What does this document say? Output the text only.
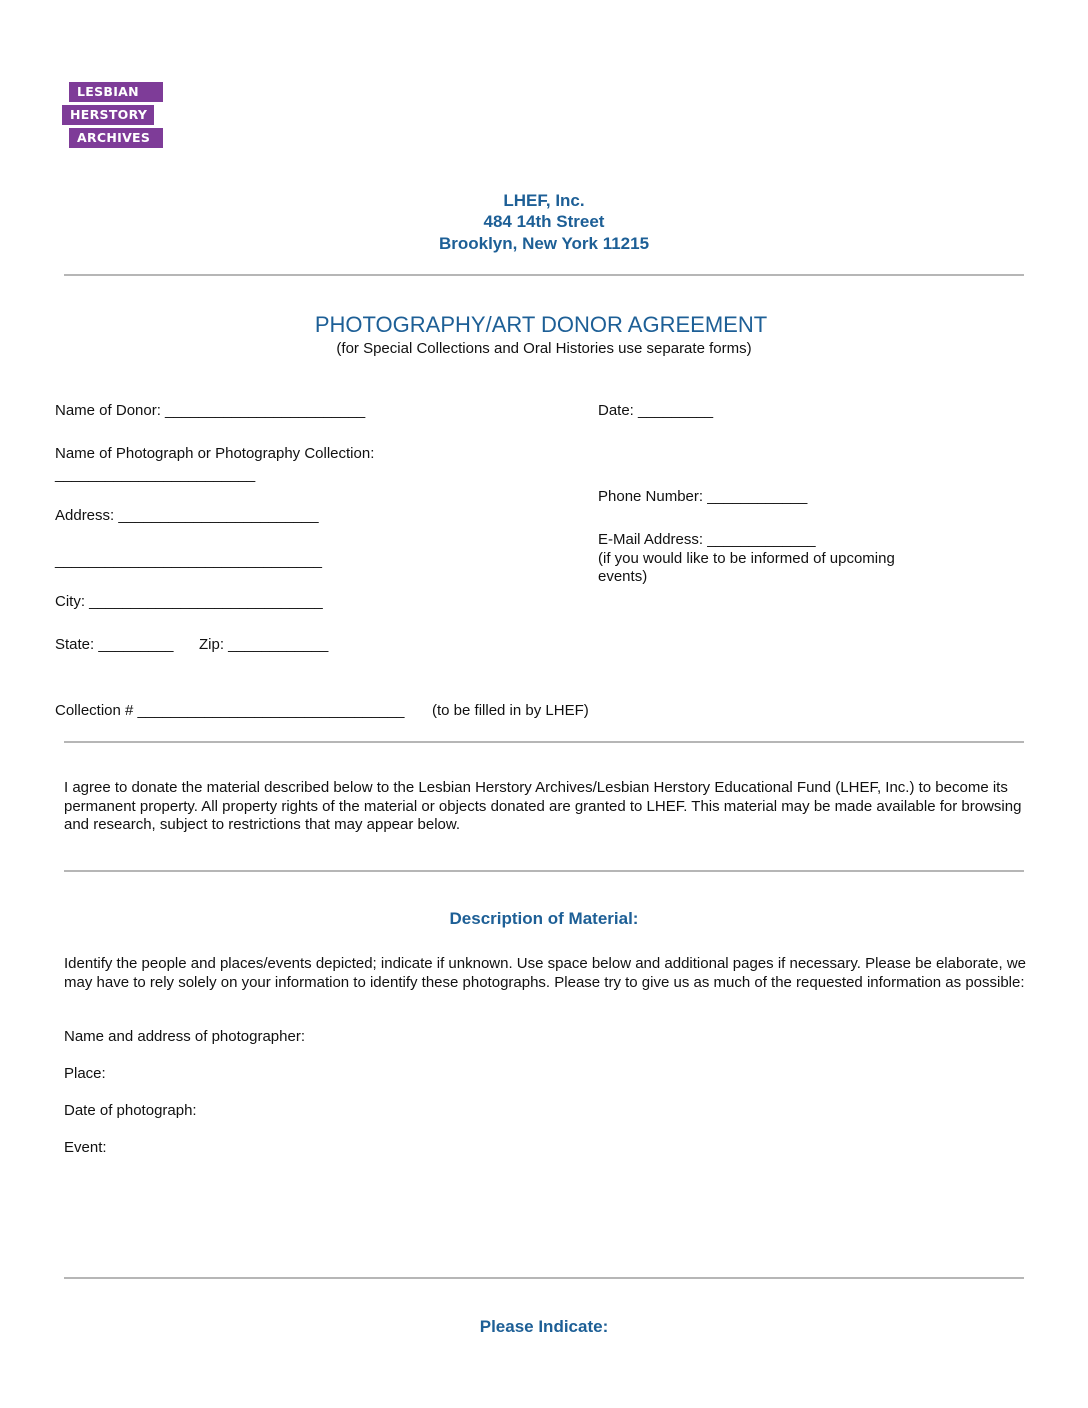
LESBIAN
HERSTORY
ARCHIVES
LHEF, Inc.
484 14th Street
Brooklyn, New York 11215
PHOTOGRAPHY/ART DONOR AGREEMENT
(for Special Collections and Oral Histories use separate forms)
Name of Donor: ________________________	Date: _________
Name of Photograph or Photography Collection:
________________________
Phone Number: ____________
Address: ________________________
E-Mail Address: _____________
(if you would like to be informed of upcoming
events)
________________________________
City: ____________________________
State: _________ Zip: ____________
Collection # ________________________________ (to be filled in by LHEF)
I agree to donate the material described below to the Lesbian Herstory Archives/Lesbian Herstory Educational Fund (LHEF, Inc.) to become its permanent property. All property rights of the material or objects donated are granted to LHEF. This material may be made available for browsing and research, subject to restrictions that may appear below.
Description of Material:
Identify the people and places/events depicted; indicate if unknown. Use space below and additional pages if necessary. Please be elaborate, we may have to rely solely on your information to identify these photographs. Please try to give us as much of the requested information as possible:
Name and address of photographer:
Place:
Date of photograph:
Event:
Please Indicate:
